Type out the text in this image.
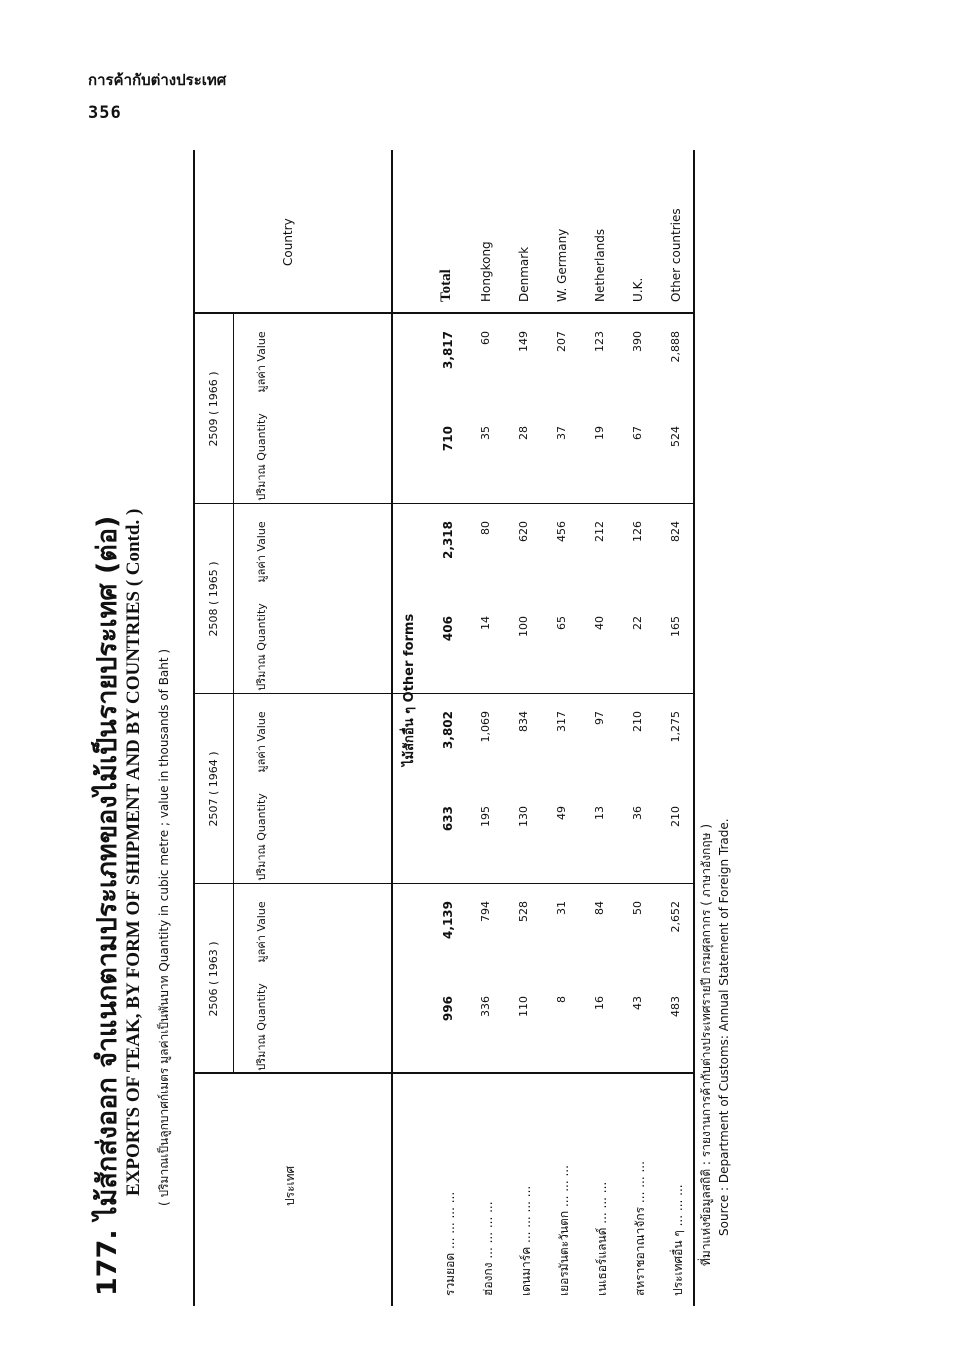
การค้ากับต่างประเทศ
356
177. ไม้สักส่งออก จำแนกตามประเภทของไม้เป็นรายประเทศ (ต่อ) EXPORTS OF TEAK, BY FORM OF SHIPMENT AND BY COUNTRIES ( Contd. ) ( ปริมาณเป็นลูกบาศก์เมตร มูลค่าเป็นพันบาท Quantity in cubic metre ; value in thousands of Baht )	ประเทศ
Country
ไม้สักอื่น ๆ Other forms
2506 ( 1963 )
ปริมาณ Quantity
มูลค่า Value
2507 ( 1964 )
ปริมาณ Quantity
มูลค่า Value
2508 ( 1965 )
ปริมาณ Quantity
มูลค่า Value
2509 ( 1966 )
ปริมาณ Quantity
มูลค่า Value
รวมยอด ... ... ... ...
Total
996
4,139
633
3,802
406
2,318
710
3,817
ฮ่องกง ... ... ... ...
Hongkong
336
794
195
1,069
14
80
35
60
เดนมาร์ค ... ... ... ...
Denmark
110
528
130
834
100
620
28
149
เยอรมันตะวันตก ... ... ...
W. Germany
8
31
49
317
65
456
37
207
เนเธอร์แลนด์ ... ... ...
Netherlands
16
84
13
97
40
212
19
123
สหราชอาณาจักร ... ... ...
U.K.
43
50
36
210
22
126
67
390
ประเทศอื่น ๆ ... ... ...
Other countries
483
2,652
210
1,275
165
824
524
2,888
ที่มาแห่งข้อมูลสถิติ : รายงานการค้ากับต่างประเทศรายปี กรมศุลกากร ( ภาษาอังกฤษ ) Source : Department of Customs: Annual Statement of Foreign Trade.
